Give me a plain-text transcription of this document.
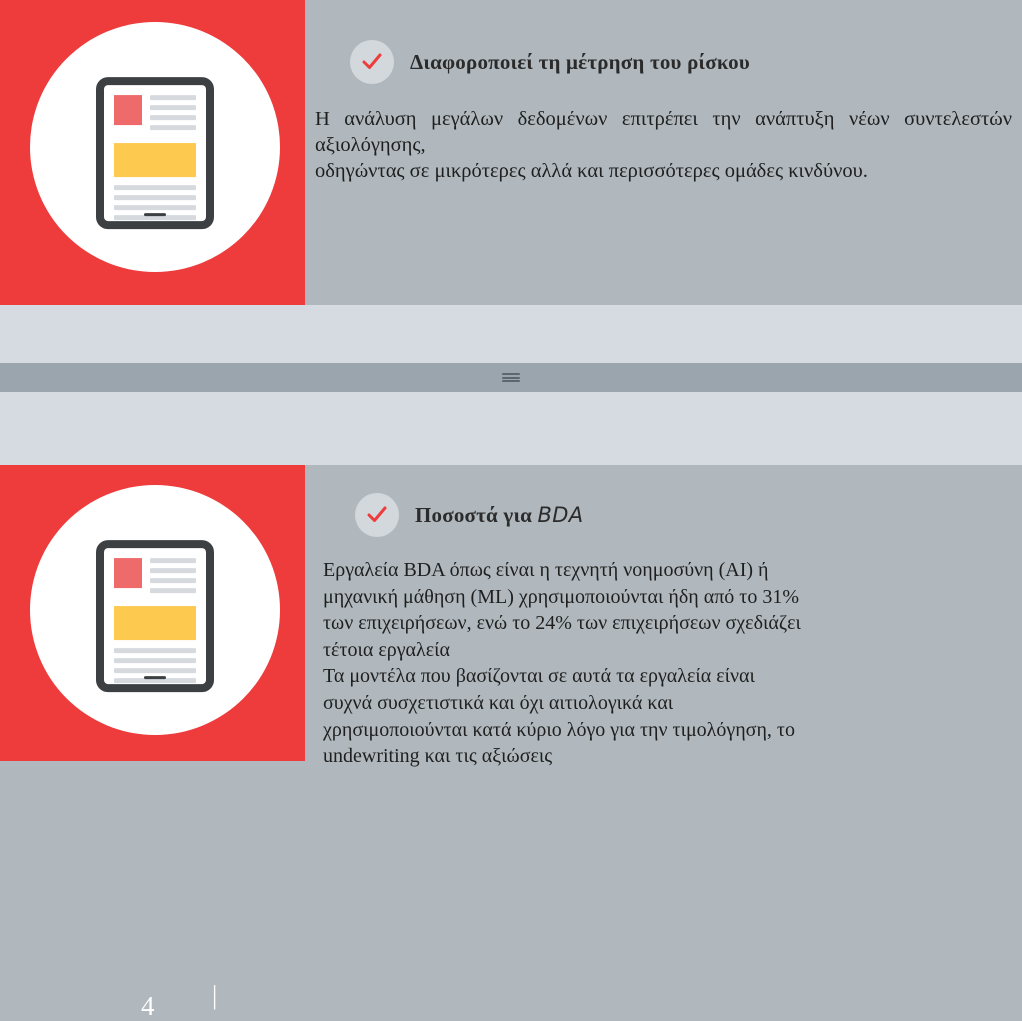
3	Διαφοροποιεί τη μέτρηση του ρίσκου

Η ανάλυση μεγάλων δεδομένων επιτρέπει την ανάπτυξη νέων συντελεστών αξιολόγησης,

οδηγώντας σε μικρότερες αλλά και περισσότερες ομάδες κινδύνου.

Ποσοστά για BDA

Εργαλεία BDA όπως είναι η τεχνητή νοημοσύνη (AI) ή

μηχανική μάθηση (ML) χρησιμοποιούνται ήδη από το 31%

των επιχειρήσεων, ενώ το 24% των επιχειρήσεων σχεδιάζει

τέτοια εργαλεία

Τα μοντέλα που βασίζονται σε αυτά τα εργαλεία είναι

συχνά συσχετιστικά και όχι αιτιολογικά και

χρησιμοποιούνται κατά κύριο λόγο για την τιμολόγηση, το

undewriting και τις αξιώσεις

4 |
